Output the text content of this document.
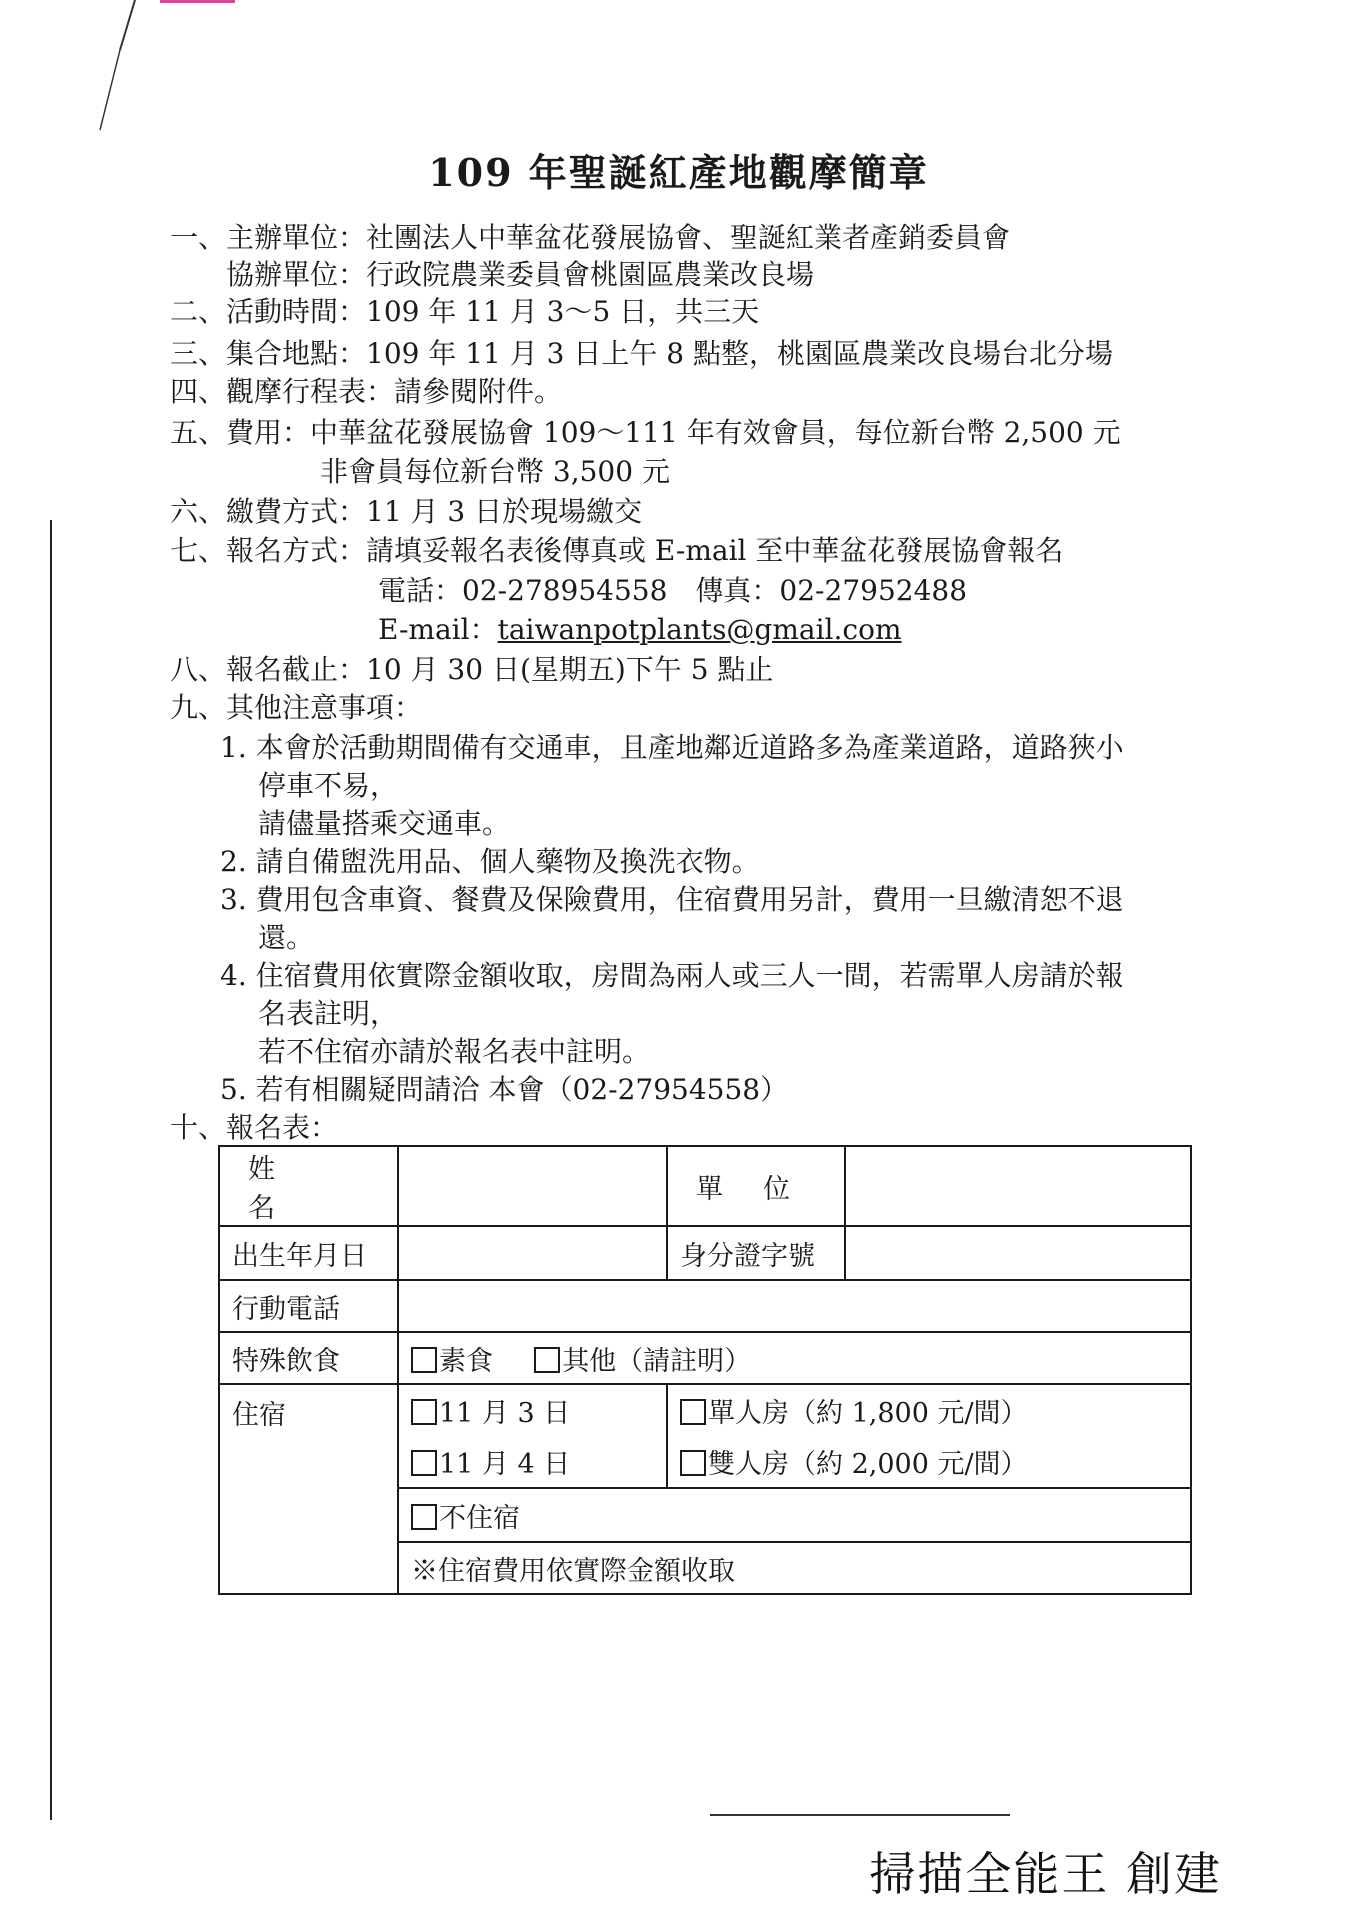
109 年聖誕紅產地觀摩簡章
一、主辦單位：社團法人中華盆花發展協會、聖誕紅業者產銷委員會
協辦單位：行政院農業委員會桃園區農業改良場
二、活動時間：109 年 11 月 3～5 日，共三天
三、集合地點：109 年 11 月 3 日上午 8 點整，桃園區農業改良場台北分場
四、觀摩行程表：請參閱附件。
五、費用：中華盆花發展協會 109～111 年有效會員，每位新台幣 2,500 元
非會員每位新台幣 3,500 元
六、繳費方式：11 月 3 日於現場繳交
七、報名方式：請填妥報名表後傳真或 E-mail 至中華盆花發展協會報名
電話：02-278954558　傳真：02-27952488
E-mail：taiwanpotplants@gmail.com
八、報名截止：10 月 30 日(星期五)下午 5 點止
九、其他注意事項：
1. 本會於活動期間備有交通車，且產地鄰近道路多為產業道路，道路狹小
停車不易，
請儘量搭乘交通車。
2. 請自備盥洗用品、個人藥物及換洗衣物。
3. 費用包含車資、餐費及保險費用，住宿費用另計，費用一旦繳清恕不退
還。
4. 住宿費用依實際金額收取，房間為兩人或三人一間，若需單人房請於報
名表註明，
若不住宿亦請於報名表中註明。
5. 若有相關疑問請洽 本會（02-27954558）
十、報名表：
姓名		單位	
出生年月日		身分證字號	
行動電話			
特殊飲食	素食 其他（請註明）		
住宿	11 月 3 日	單人房（約 1,800 元/間）	
	11 月 4 日	雙人房（約 2,000 元/間）	
	不住宿		
	※住宿費用依實際金額收取		
掃描全能王 創建
